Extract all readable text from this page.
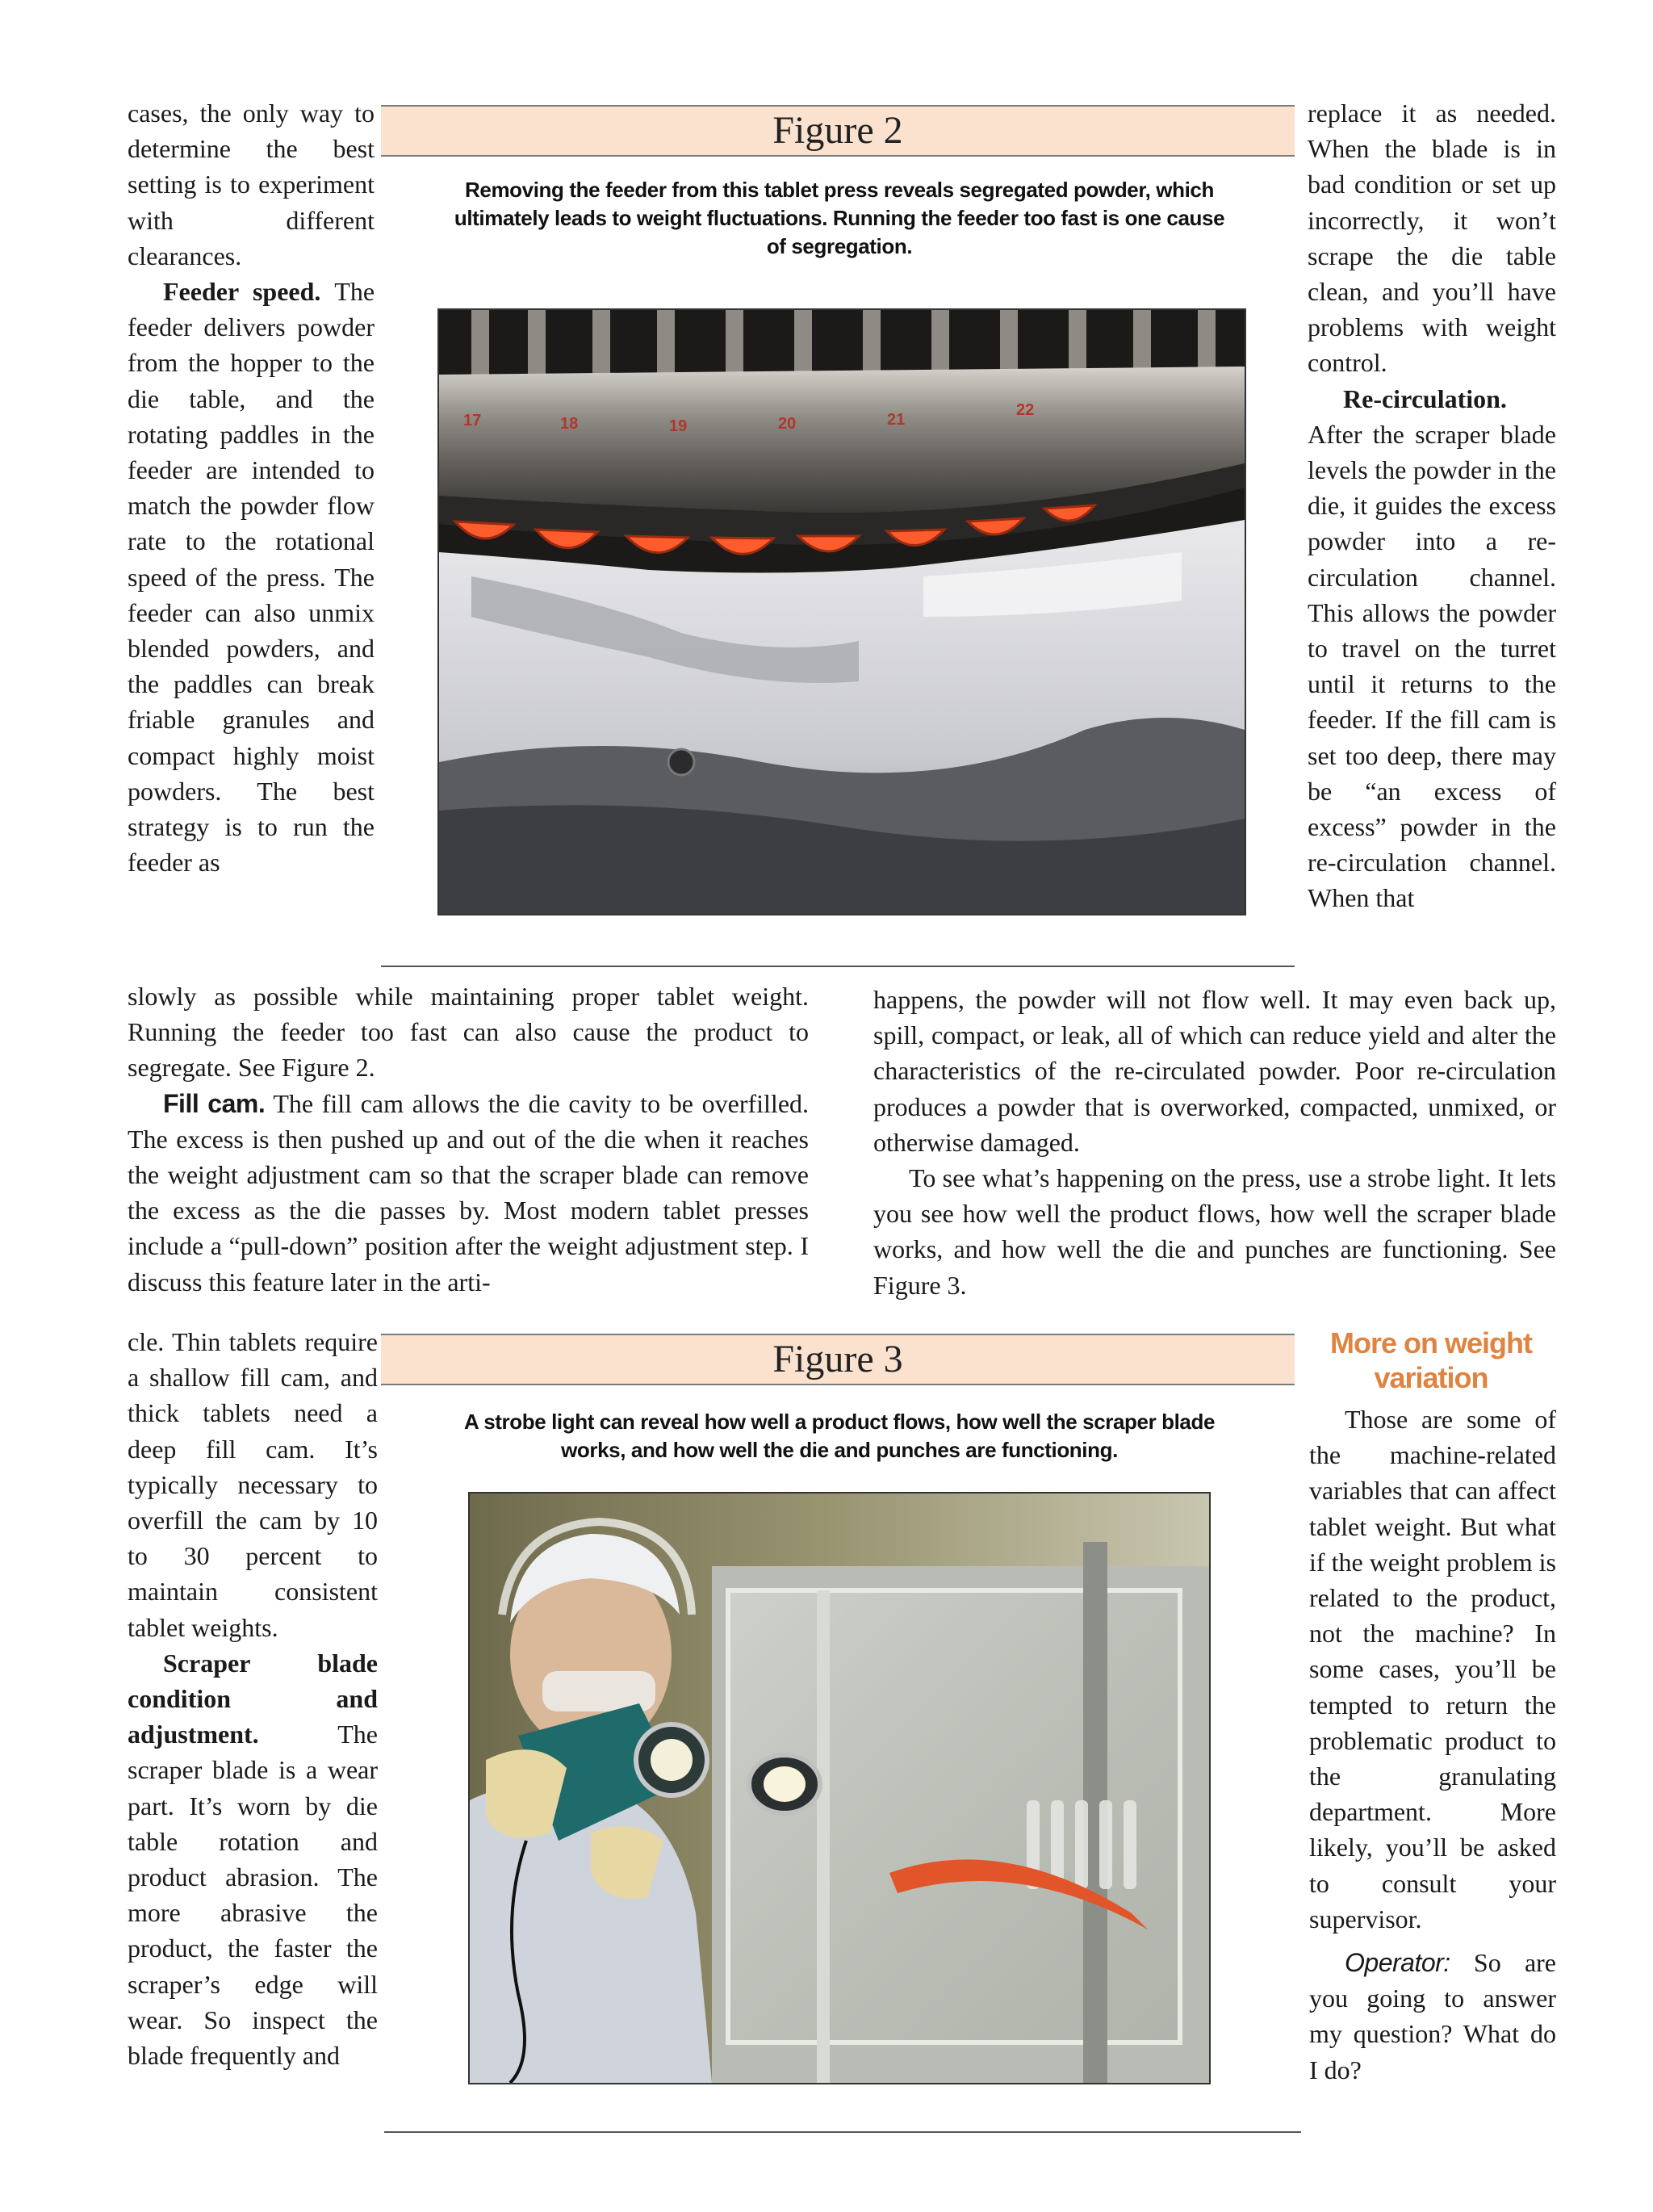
cases, the only way to determine the best setting is to experiment with different clearances.

Feeder speed. The feeder delivers powder from the hopper to the die table, and the rotating paddles in the feeder are intended to match the powder flow rate to the rotational speed of the press. The feeder can also unmix blended powders, and the paddles can break friable granules and compact highly moist powders. The best strategy is to run the feeder as

Figure 2
Removing the feeder from this tablet press reveals segregated powder, which ultimately leads to weight fluctuations. Running the feeder too fast is one cause of segregation.
17	18	19	20	21
22

replace it as needed. When the blade is in bad condition or set up incorrectly, it won’t scrape the die table clean, and you’ll have problems with weight control.

Re-circulation. After the scraper blade levels the powder in the die, it guides the excess powder into a re-circulation channel. This allows the powder to travel on the turret until it returns to the feeder. If the fill cam is set too deep, there may be “an excess of excess” powder in the re-circulation channel. When that

slowly as possible while maintaining proper tablet weight. Running the feeder too fast can also cause the product to segregate. See Figure 2.

Fill cam. The fill cam allows the die cavity to be overfilled. The excess is then pushed up and out of the die when it reaches the weight adjustment cam so that the scraper blade can remove the excess as the die passes by. Most modern tablet presses include a “pull-down” position after the weight adjustment step. I discuss this feature later in the arti-

happens, the powder will not flow well. It may even back up, spill, compact, or leak, all of which can reduce yield and alter the characteristics of the re-circulated powder. Poor re-circulation produces a powder that is overworked, compacted, unmixed, or otherwise damaged.

To see what’s happening on the press, use a strobe light. It lets you see how well the product flows, how well the scraper blade works, and how well the die and punches are functioning. See Figure 3.

Figure 3
A strobe light can reveal how well a product flows, how well the scraper blade works, and how well the die and punches are functioning.

cle. Thin tablets require a shallow fill cam, and thick tablets need a deep fill cam. It’s typically necessary to overfill the cam by 10 to 30 percent to maintain consistent tablet weights.

Scraper blade condition and adjustment.	The scraper blade is a wear part. It’s worn by die table rotation and product abrasion. The more abrasive the product, the faster the scraper’s edge will wear. So inspect the blade frequently and

More on weight variation

Those are some of the machine-related variables that can affect tablet weight. But what if the weight problem is related to the product, not the machine? In some cases, you’ll be tempted to return the problematic product to the granulating department. More likely, you’ll be asked to consult your supervisor.

Operator: So are you going to answer my question? What do I do?
